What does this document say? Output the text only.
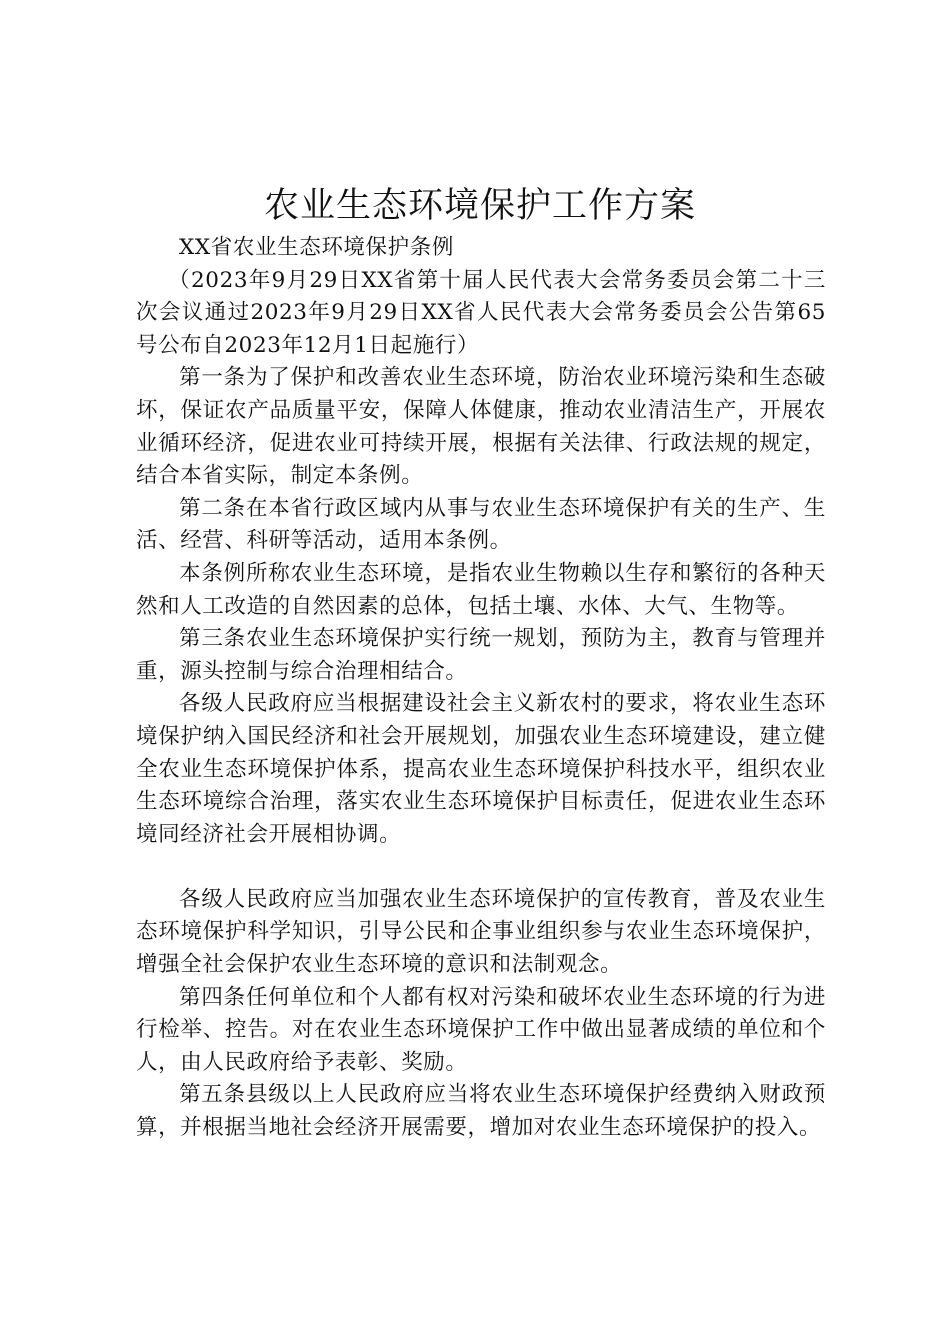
农业生态环境保护工作方案

XX省农业生态环境保护条例

（2023年9月29日XX省第十届人民代表大会常务委员会第二十三次会议通过2023年9月29日XX省人民代表大会常务委员会公告第65号公布自2023年12月1日起施行）

第一条为了保护和改善农业生态环境，防治农业环境污染和生态破坏，保证农产品质量平安，保障人体健康，推动农业清洁生产，开展农业循环经济，促进农业可持续开展，根据有关法律、行政法规的规定，结合本省实际，制定本条例。

第二条在本省行政区域内从事与农业生态环境保护有关的生产、生活、经营、科研等活动，适用本条例。

本条例所称农业生态环境，是指农业生物赖以生存和繁衍的各种天然和人工改造的自然因素的总体，包括土壤、水体、大气、生物等。

第三条农业生态环境保护实行统一规划，预防为主，教育与管理并重，源头控制与综合治理相结合。

各级人民政府应当根据建设社会主义新农村的要求，将农业生态环境保护纳入国民经济和社会开展规划，加强农业生态环境建设，建立健全农业生态环境保护体系，提高农业生态环境保护科技水平，组织农业生态环境综合治理，落实农业生态环境保护目标责任，促进农业生态环境同经济社会开展相协调。

各级人民政府应当加强农业生态环境保护的宣传教育，普及农业生态环境保护科学知识，引导公民和企事业组织参与农业生态环境保护，增强全社会保护农业生态环境的意识和法制观念。

第四条任何单位和个人都有权对污染和破坏农业生态环境的行为进行检举、控告。对在农业生态环境保护工作中做出显著成绩的单位和个人，由人民政府给予表彰、奖励。

第五条县级以上人民政府应当将农业生态环境保护经费纳入财政预算，并根据当地社会经济开展需要，增加对农业生态环境保护的投入。
